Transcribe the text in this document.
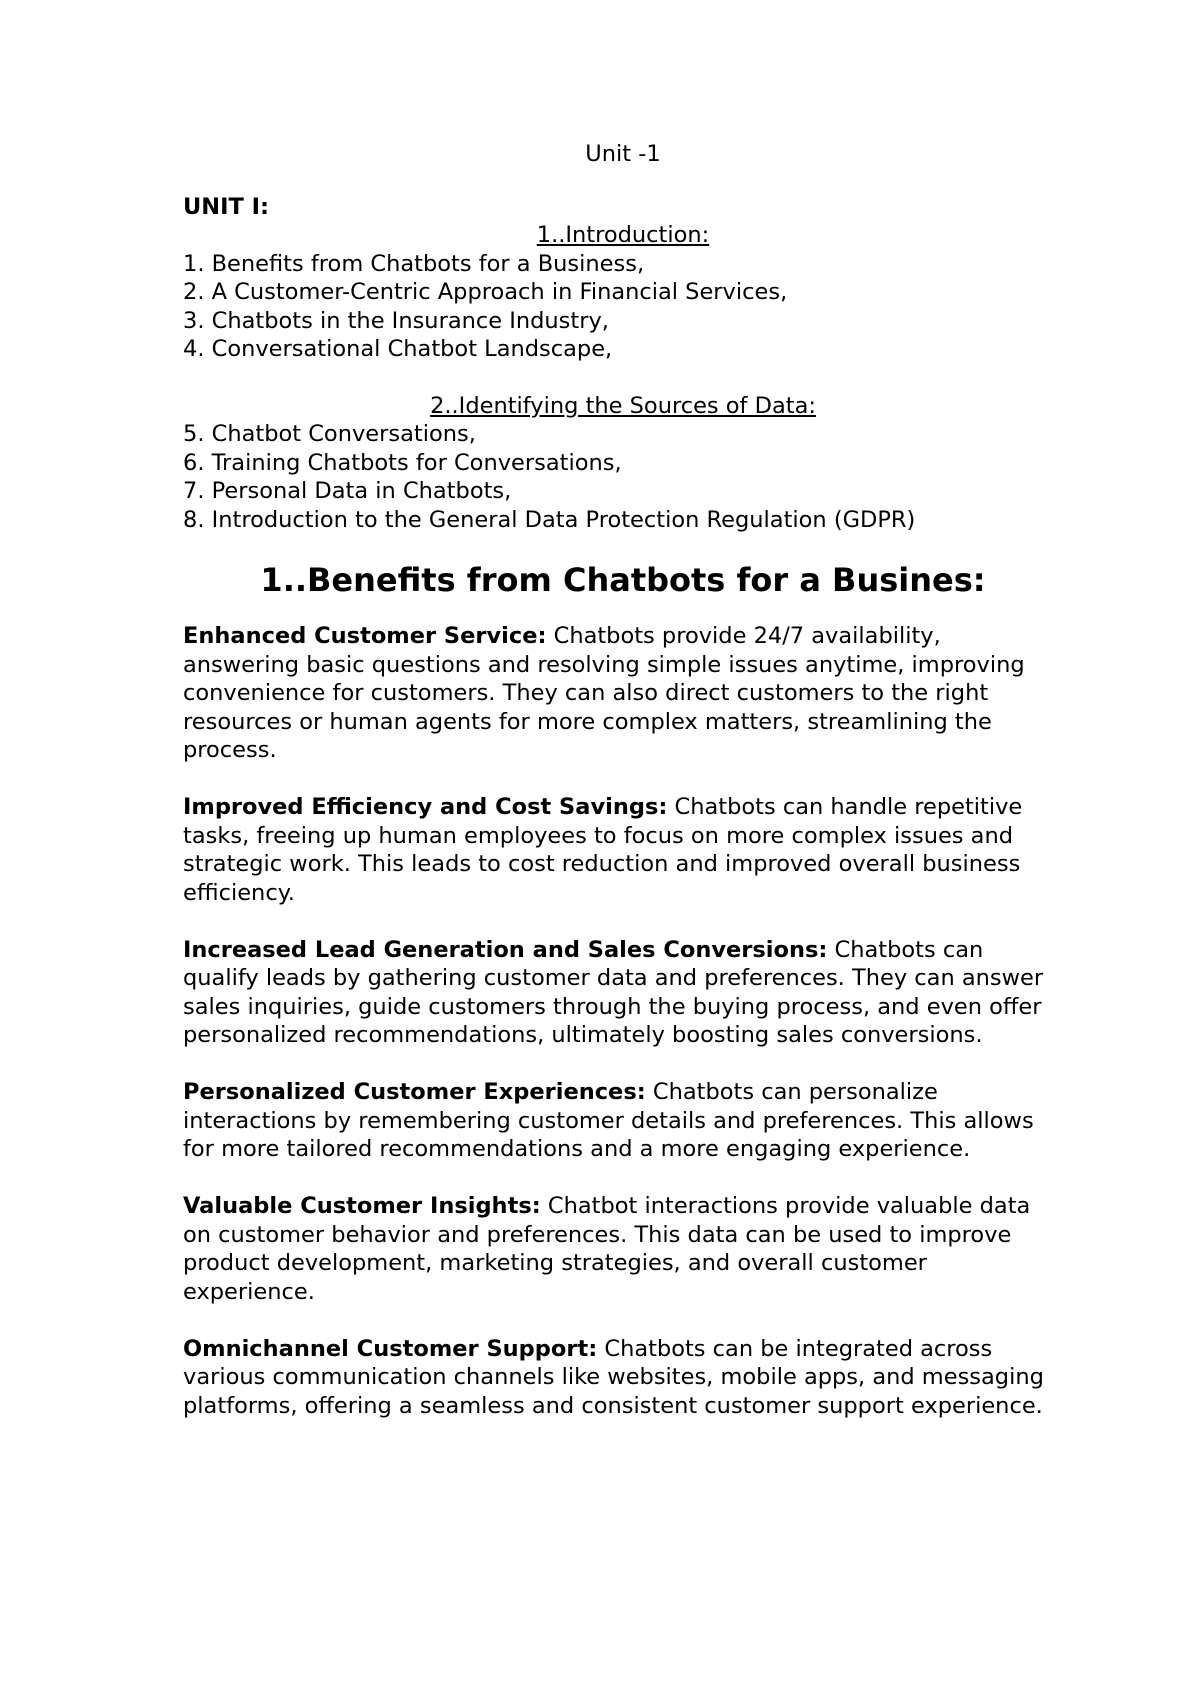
Unit -1

UNIT I:

1..Introduction:

1. Benefits from Chatbots for a Business,
2. A Customer-Centric Approach in Financial Services,
3. Chatbots in the Insurance Industry,
4. Conversational Chatbot Landscape,

2..Identifying the Sources of Data:

5. Chatbot Conversations,
6. Training Chatbots for Conversations,
7. Personal Data in Chatbots,
8. Introduction to the General Data Protection Regulation (GDPR)
1..Benefits from Chatbots for a Busines:

Enhanced Customer Service: Chatbots provide 24/7 availability, answering basic questions and resolving simple issues anytime, improving convenience for customers. They can also direct customers to the right resources or human agents for more complex matters, streamlining the process.

Improved Efficiency and Cost Savings: Chatbots can handle repetitive tasks, freeing up human employees to focus on more complex issues and strategic work. This leads to cost reduction and improved overall business efficiency.

Increased Lead Generation and Sales Conversions: Chatbots can qualify leads by gathering customer data and preferences. They can answer sales inquiries, guide customers through the buying process, and even offer personalized recommendations, ultimately boosting sales conversions.

Personalized Customer Experiences: Chatbots can personalize interactions by remembering customer details and preferences. This allows for more tailored recommendations and a more engaging experience.

Valuable Customer Insights: Chatbot interactions provide valuable data on customer behavior and preferences. This data can be used to improve product development, marketing strategies, and overall customer experience.

Omnichannel Customer Support: Chatbots can be integrated across various communication channels like websites, mobile apps, and messaging platforms, offering a seamless and consistent customer support experience.
